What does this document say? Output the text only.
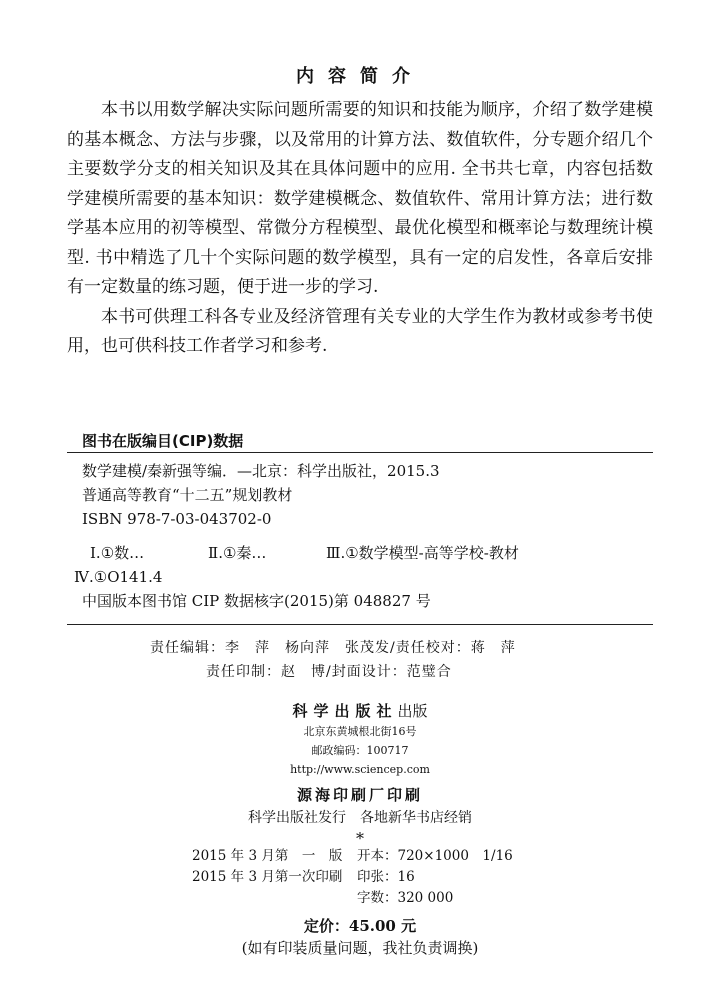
内容简介

本书以用数学解决实际问题所需要的知识和技能为顺序，介绍了数学建模的基本概念、方法与步骤，以及常用的计算方法、数值软件，分专题介绍几个主要数学分支的相关知识及其在具体问题中的应用. 全书共七章，内容包括数学建模所需要的基本知识：数学建模概念、数值软件、常用计算方法；进行数学基本应用的初等模型、常微分方程模型、最优化模型和概率论与数理统计模型. 书中精选了几十个实际问题的数学模型，具有一定的启发性，各章后安排有一定数量的练习题，便于进一步的学习.

本书可供理工科各专业及经济管理有关专业的大学生作为教材或参考书使用，也可供科技工作者学习和参考.

图书在版编目(CIP)数据
数学建模/秦新强等编．—北京：科学出版社，2015.3
普通高等教育“十二五”规划教材
ISBN 978-7-03-043702-0
Ⅰ.①数…	Ⅱ.①秦…	Ⅲ.①数学模型-高等学校-教材
Ⅳ.①O141.4
中国版本图书馆 CIP 数据核字(2015)第 048827 号
责任编辑：李　萍　杨向萍　张茂发/责任校对：蒋　萍
责任印制：赵　博/封面设计：范璧合
科学出版社出版
北京东黄城根北街16号
邮政编码：100717
http://www.sciencep.com
源海印刷厂印刷
科学出版社发行　各地新华书店经销
*
2015 年 3 月第　一　版 开本：720×1000　1/16
2015 年 3 月第一次印刷 印张：16
字数：320 000
定价：45.00 元
(如有印装质量问题，我社负责调换)
